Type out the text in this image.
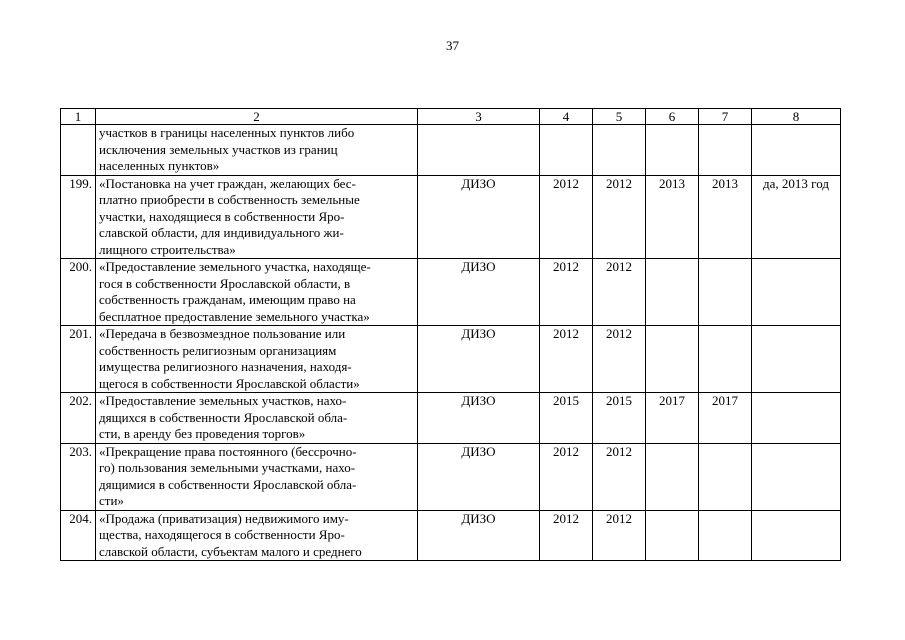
37
1	2	3	4	5	6	7	8

	участков в границы населенных пунктов либо
исключения земельных участков из границ
населенных пунктов»						

199.	«Постановка на учет граждан, желающих бес-
платно приобрести в собственность земельные
участки, находящиеся в собственности Яро-
славской области, для индивидуального жи-
лищного строительства»	ДИЗО	2012	2012	2013	2013	да, 2013 год
200.	«Предоставление земельного участка, находяще-
гося в собственности Ярославской области, в
собственность гражданам, имеющим право на
бесплатное предоставление земельного участка»	ДИЗО	2012	2012			
201.	«Передача в безвозмездное пользование или
собственность религиозным организациям
имущества религиозного назначения, находя-
щегося в собственности Ярославской области»	ДИЗО	2012	2012			
202.	«Предоставление земельных участков, нахо-
дящихся в собственности Ярославской обла-
сти, в аренду без проведения торгов»	ДИЗО	2015	2015	2017	2017	
203.	«Прекращение права постоянного (бессрочно-
го) пользования земельными участками, нахо-
дящимися в собственности Ярославской обла-
сти»	ДИЗО	2012	2012			
204.	«Продажа (приватизация) недвижимого иму-
щества, находящегося в собственности Яро-
славской области, субъектам малого и среднего	ДИЗО	2012	2012			
